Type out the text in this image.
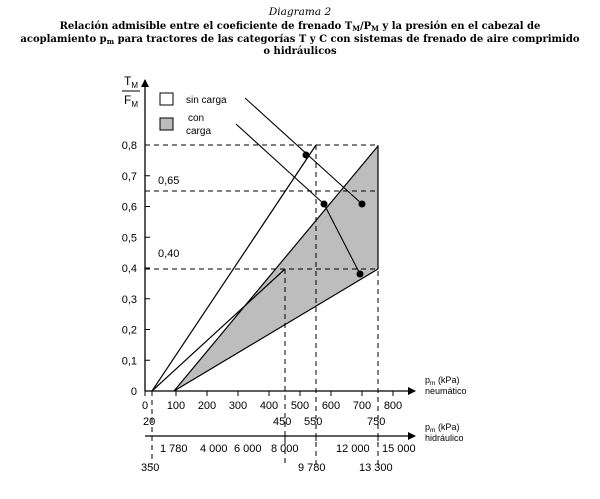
Diagrama 2
Relación admisible entre el coeficiente de frenado $T_M/P_M$ y la presión en el cabezal de acoplamiento $p_m$ para tractores de las categorías T y C con sistemas de frenado de aire comprimido o hidráulicos
$T_M$
$F_M$
0
0,1
0,2
0,3
0,4
0,5
0,6
0,7
0,8
0,65
0,40
0 100 200 300 400 500 600 700 800
20	450 550	750
$p_m$ (kPa)
neumático
1 780 4 000 6 000 8 000	12 000 15 000
350	9 780	13 300
$p_m$ (kPa)
hidráulico
sin carga
con
carga
